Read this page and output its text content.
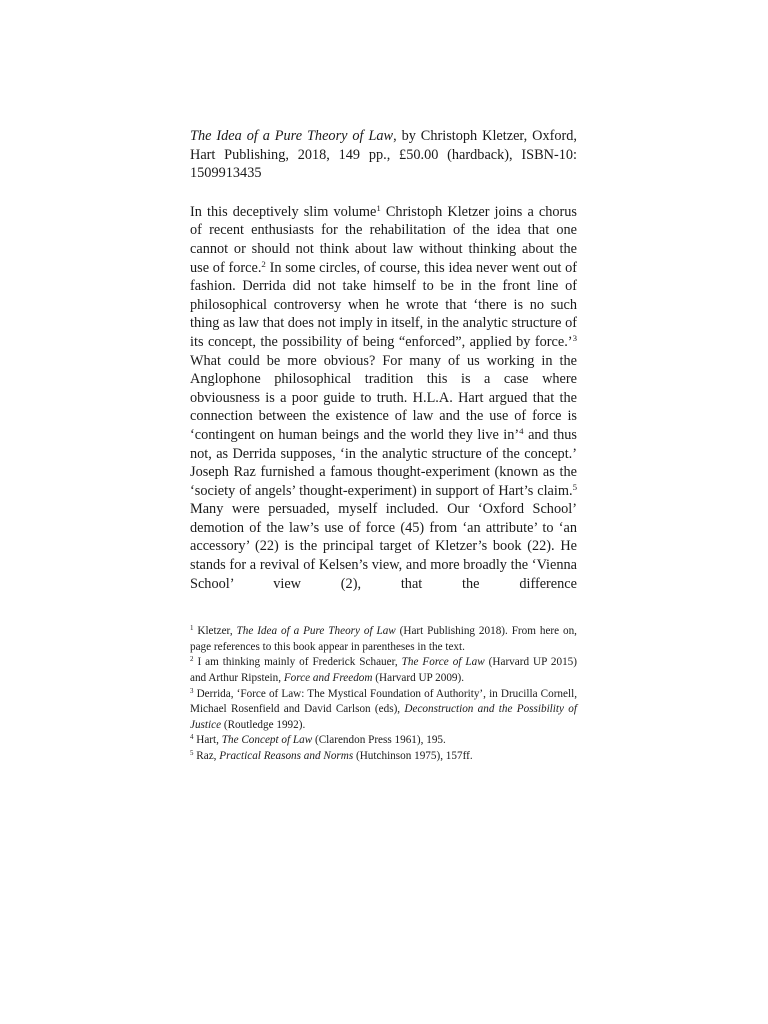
The Idea of a Pure Theory of Law, by Christoph Kletzer, Oxford, Hart Publishing, 2018, 149 pp., £50.00 (hardback), ISBN-10: 1509913435

In this deceptively slim volume$^1$ Christoph Kletzer joins a chorus of recent enthusiasts for the rehabilitation of the idea that one cannot or should not think about law without thinking about the use of force.$^2$ In some circles, of course, this idea never went out of fashion. Derrida did not take himself to be in the front line of philosophical controversy when he wrote that ‘there is no such thing as law that does not imply in itself, in the analytic structure of its concept, the possibility of being “enforced”, applied by force.’$^3$ What could be more obvious? For many of us working in the Anglophone philosophical tradition this is a case where obviousness is a poor guide to truth. H.L.A. Hart argued that the connection between the existence of law and the use of force is ‘contingent on human beings and the world they live in’$^4$ and thus not, as Derrida supposes, ‘in the analytic structure of the concept.’ Joseph Raz furnished a famous thought-experiment (known as the ‘society of angels’ thought-experiment) in support of Hart’s claim.$^5$ Many were persuaded, myself included. Our ‘Oxford School’ demotion of the law’s use of force (45) from ‘an attribute’ to ‘an accessory’ (22) is the principal target of Kletzer’s book (22). He stands for a revival of Kelsen’s view, and more broadly the ‘Vienna School’ view (2), that the difference

$^1$ Kletzer, The Idea of a Pure Theory of Law (Hart Publishing 2018). From here on, page references to this book appear in parentheses in the text.

$^2$ I am thinking mainly of Frederick Schauer, The Force of Law (Harvard UP 2015) and Arthur Ripstein, Force and Freedom (Harvard UP 2009).

$^3$ Derrida, ‘Force of Law: The Mystical Foundation of Authority’, in Drucilla Cornell, Michael Rosenfield and David Carlson (eds), Deconstruction and the Possibility of Justice (Routledge 1992).

$^4$ Hart, The Concept of Law (Clarendon Press 1961), 195.

$^5$ Raz, Practical Reasons and Norms (Hutchinson 1975), 157ff.
